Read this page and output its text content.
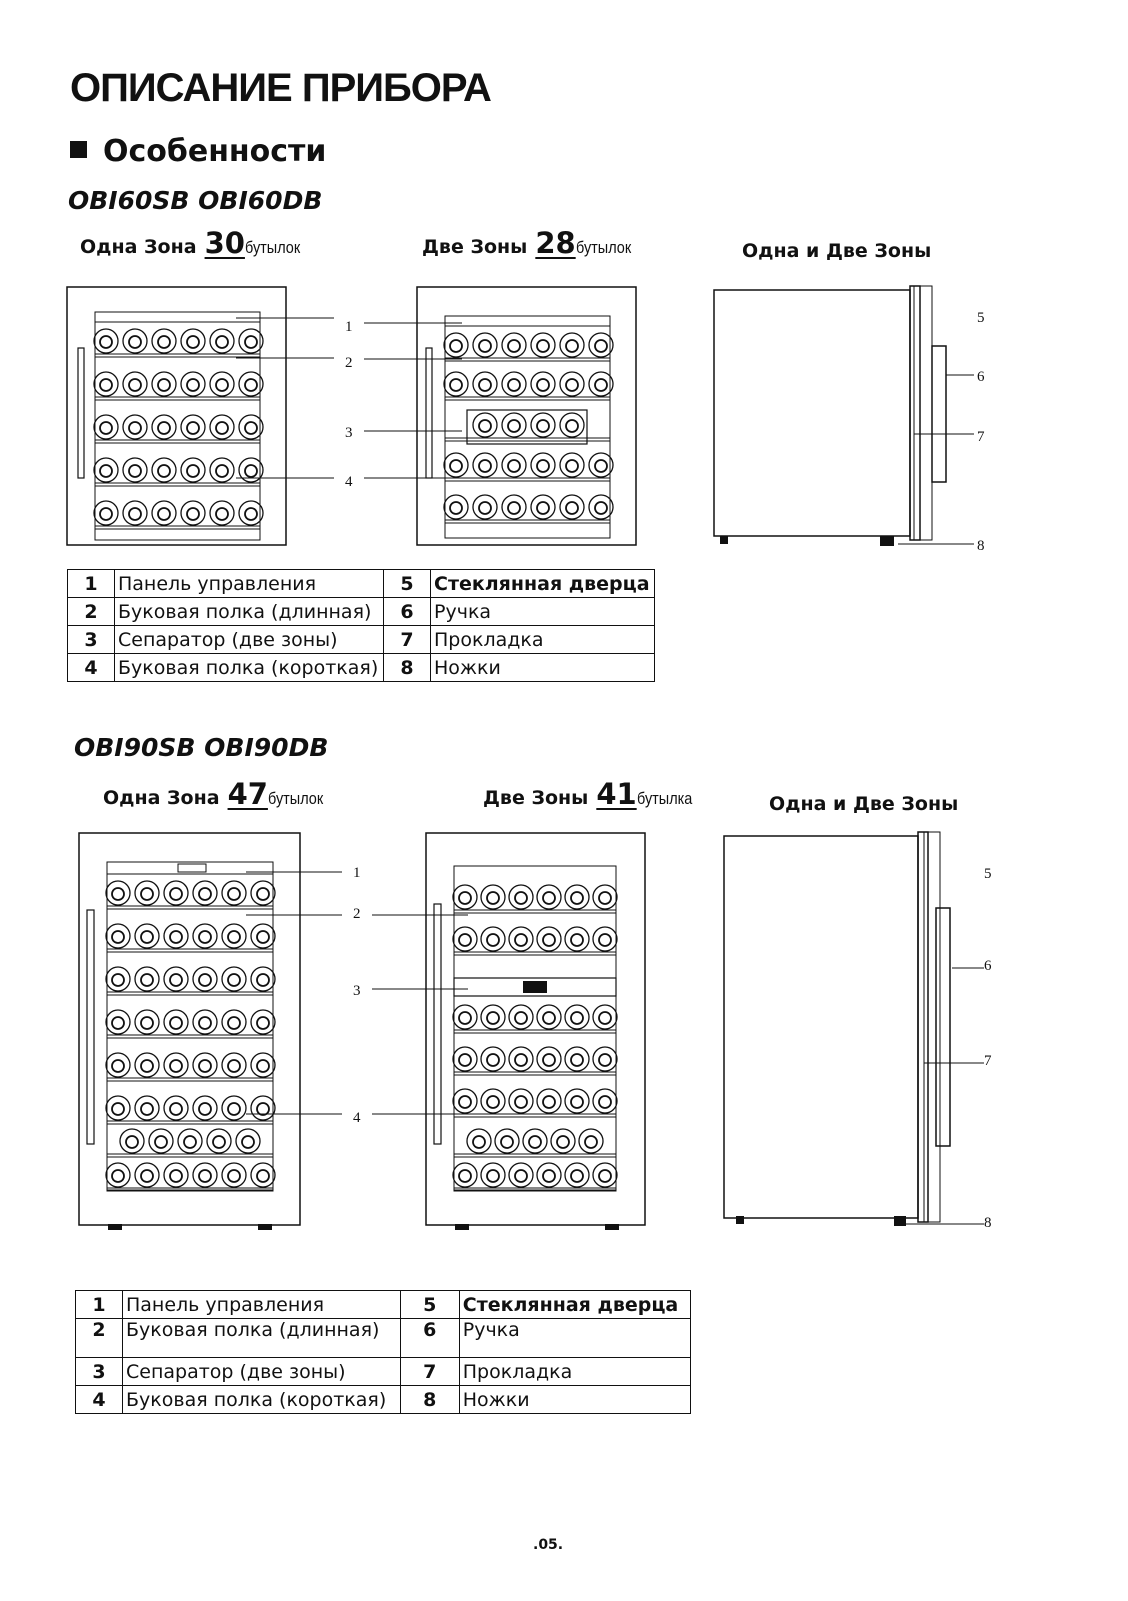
ОПИСАНИЕ ПРИБОРА
Особенности
OBI60SB OBI60DB
Одна Зона 30бутылок	Две Зоны 28бутылок	Одна и Две Зоны
1
2
3
4
5
6
7
8
1	Панель управления	5	Стеклянная дверца
2	Буковая полка (длинная)	6	Ручка
3	Сепаратор (две зоны)	7	Прокладка
4	Буковая полка (короткая)	8	Ножки
OBI90SB OBI90DB
Одна Зона 47бутылок	Две Зоны 41бутылка	Одна и Две Зоны
1
2
3
4
5
6
7
8
1	Панель управления	5	Стеклянная дверца
2	Буковая полка (длинная)	6	Ручка
3	Сепаратор (две зоны)	7	Прокладка
4	Буковая полка (короткая)	8	Ножки
.05.
